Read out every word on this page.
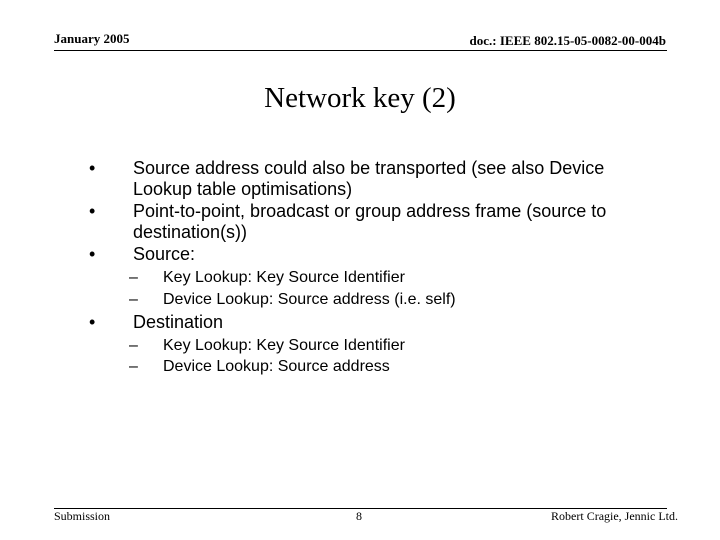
January 2005	doc.: IEEE 802.15-05-0082-00-004b
Network key (2)
• Source address could also be transported (see also Device Lookup table optimisations)
• Point-to-point, broadcast or group address frame (source to destination(s))
• Source:
– Key Lookup: Key Source Identifier
– Device Lookup: Source address (i.e. self)
• Destination
– Key Lookup: Key Source Identifier
– Device Lookup: Source address
Submission	8	Robert Cragie, Jennic Ltd.
